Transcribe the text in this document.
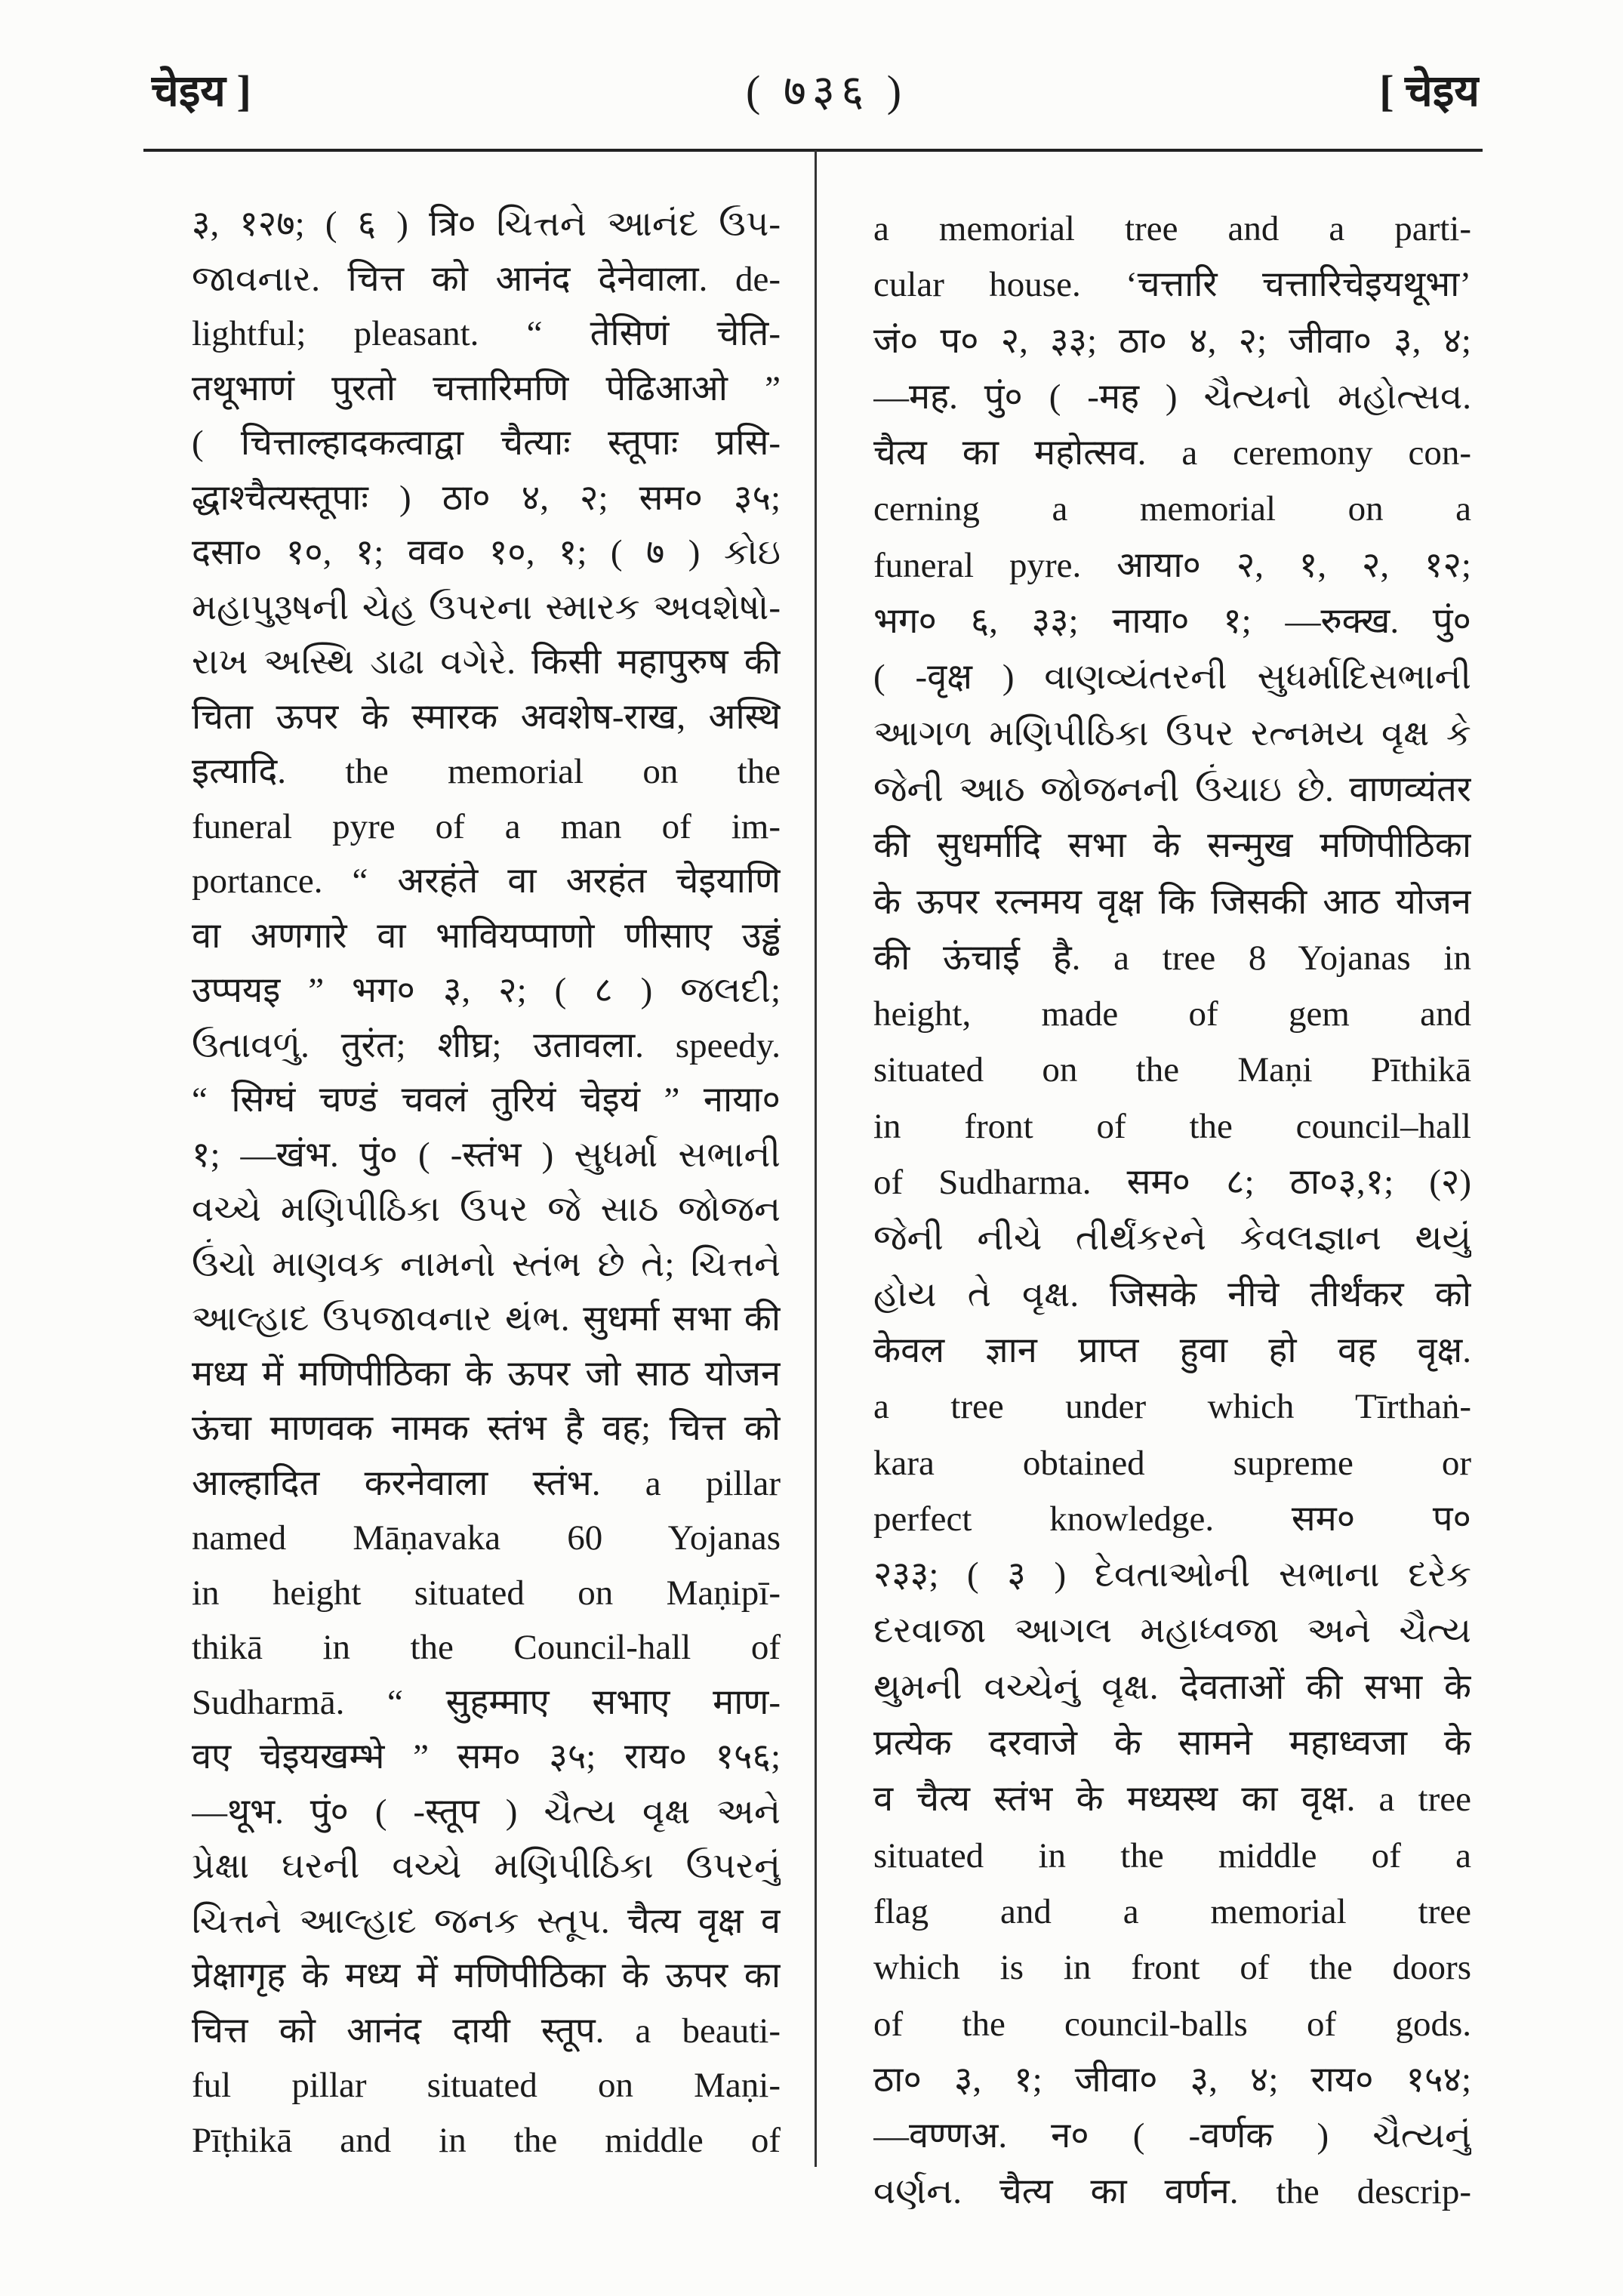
चेइय ]	( ७३६ )	[ चेइय
३, १२७; ( ६ ) त्रि० ચિત્તને આનંદ ઉપ-
જાવનાર. चित्त को आनंद देनेवाला. de-
lightful; pleasant. “ तेसिणं चेति-
तथूभाणं पुरतो चत्तारिमणि पेढिआओ ”
( चित्ताल्हादकत्वाद्वा चैत्याः स्तूपाः प्रसि-
द्धाश्चैत्यस्तूपाः ) ठा० ४, २; सम० ३५;
दसा० १०, १; वव० १०, १; ( ७ ) કોઇ
મહાપુરૂષની ચેહ ઉપરના સ્મારક અવશેષો-
રાખ અસ્થિ ડાઢા વગેરે. किसी महापुरुष की
चिता ऊपर के स्मारक अवशेष-राख, अस्थि
इत्यादि. the memorial on the
funeral pyre of a man of im-
portance. “ अरहंते वा अरहंत चेइयाणि
वा अणगारे वा भावियप्पाणो णीसाए उड्ढं
उप्पयइ ” भग० ३, २; ( ८ ) જલદી;
ઉતાવળું. तुरंत; शीघ्र; उतावला. speedy.
“ सिग्घं चण्डं चवलं तुरियं चेइयं ” नाया०
१; —खंभ. पुं० ( -स्तंभ ) સુધર્મા સભાની
વચ્ચે મણિપીઠિકા ઉપર જે સાઠ જોજન
ઉંચો માણવક નામનો સ્તંભ છે તે; ચિત્તને
આલ્હાદ ઉપજાવનાર થંભ. सुधर्मा सभा की
मध्य में मणिपीठिका के ऊपर जो साठ योजन
ऊंचा माणवक नामक स्तंभ है वह; चित्त को
आल्हादित करनेवाला स्तंभ. a pillar
named Māṇavaka 60 Yojanas
in height situated on Maṇipī-
thikā in the Council-hall of
Sudharmā. “ सुहम्माए सभाए माण-
वए चेइयखम्भे ” सम० ३५; राय० १५६;
—थूभ. पुं० ( -स्तूप ) ચૈત્ય વૃક્ષ અને
પ્રેક્ષા ઘરની વચ્ચે મણિપીઠિકા ઉપરનું
ચિત્તને આલ્હાદ જનક સ્તૂપ. चैत्य वृक्ष व
प्रेक्षागृह के मध्य में मणिपीठिका के ऊपर का
चित्त को आनंद दायी स्तूप. a beauti-
ful pillar situated on Maṇi-
Pīṭhikā and in the middle of
a memorial tree and a parti-
cular house. ‘चत्तारि चत्तारिचेइयथूभा’
जं० प० २, ३३; ठा० ४, २; जीवा० ३, ४;
—मह. पुं० ( -मह ) ચૈત્યનો મહોત્સવ.
चैत्य का महोत्सव. a ceremony con-
cerning a memorial on a
funeral pyre. आया० २, १, २, १२;
भग० ६, ३३; नाया० १; —रुक्ख. पुं०
( -वृक्ष ) વાણવ્યંતરની સુધર્માદિસભાની
આગળ મણિપીઠિકા ઉપર રત્નમય વૃક્ષ કે
જેની આઠ જોજનની ઉંચાઇ છે. वाणव्यंतर
की सुधर्मादि सभा के सन्मुख मणिपीठिका
के ऊपर रत्नमय वृक्ष कि जिसकी आठ योजन
की ऊंचाई है. a tree 8 Yojanas in
height, made of gem and
situated on the Maṇi Pīthikā
in front of the council–hall
of Sudharma. सम० ८; ठा०३,१; (२)
જેની નીચે તીર્થંકરને કેવલજ્ઞાન થયું
હોય તે વૃક્ષ. जिसके नीचे तीर्थंकर को
केवल ज्ञान प्राप्त हुवा हो वह वृक्ष.
a tree under which Tīrthaṅ-
kara obtained supreme or
perfect knowledge. सम० प०
२३३; ( ३ ) દેવતાઓની સભાના દરેક
દરવાજા આગલ મહાધ્વજા અને ચૈત્ય
થુમની વચ્ચેનું વૃક્ષ. देवताओं की सभा के
प्रत्येक दरवाजे के सामने महाध्वजा के
व चैत्य स्तंभ के मध्यस्थ का वृक्ष. a tree
situated in the middle of a
flag and a memorial tree
which is in front of the doors
of the council-balls of gods.
ठा० ३, १; जीवा० ३, ४; राय० १५४;
—वण्णअ. न० ( -वर्णक ) ચૈત્યનું
વર્ણન. चैत्य का वर्णन. the descrip-
